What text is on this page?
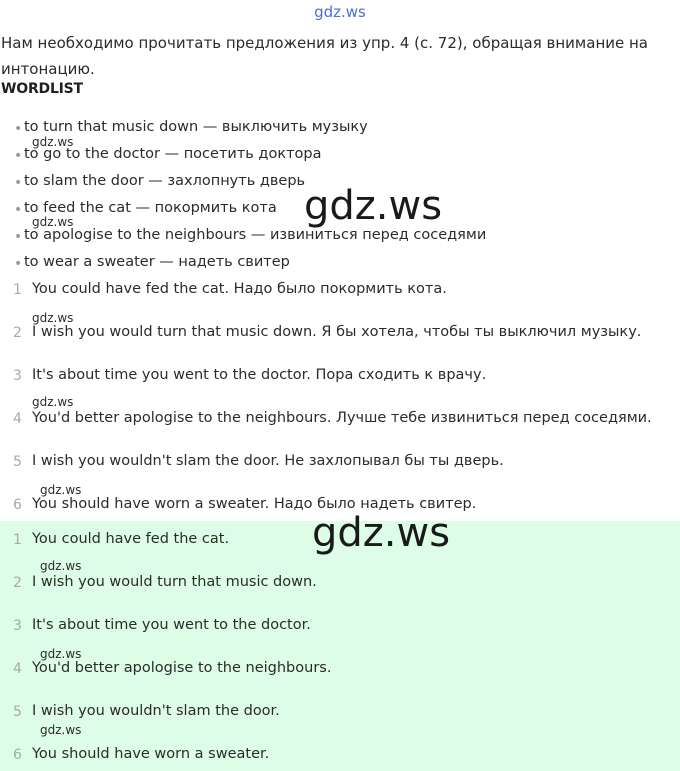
gdz.ws
Нам необходимо прочитать предложения из упр. 4 (с. 72), обращая внимание на интонацию.
WORDLIST
• to turn that music down — выключить музыку
• to go to the doctor — посетить доктора
• to slam the door — захлопнуть дверь
• to feed the cat — покормить кота
• to apologise to the neighbours — извиниться перед соседями
• to wear a sweater — надеть свитер
1 You could have fed the cat. Надо было покормить кота.
2 I wish you would turn that music down. Я бы хотела, чтобы ты выключил музыку.
3 It's about time you went to the doctor. Пора сходить к врачу.
4 You'd better apologise to the neighbours. Лучше тебе извиниться перед соседями.
5 I wish you wouldn't slam the door. Не захлопывал бы ты дверь.
6 You should have worn a sweater. Надо было надеть свитер.
1 You could have fed the cat.
2 I wish you would turn that music down.
3 It's about time you went to the doctor.
4 You'd better apologise to the neighbours.
5 I wish you wouldn't slam the door.
6 You should have worn a sweater.
gdz.ws
gdz.ws
gdz.ws
gdz.ws
gdz.ws
gdz.ws
gdz.ws
gdz.ws
gdz.ws
gdz.ws
